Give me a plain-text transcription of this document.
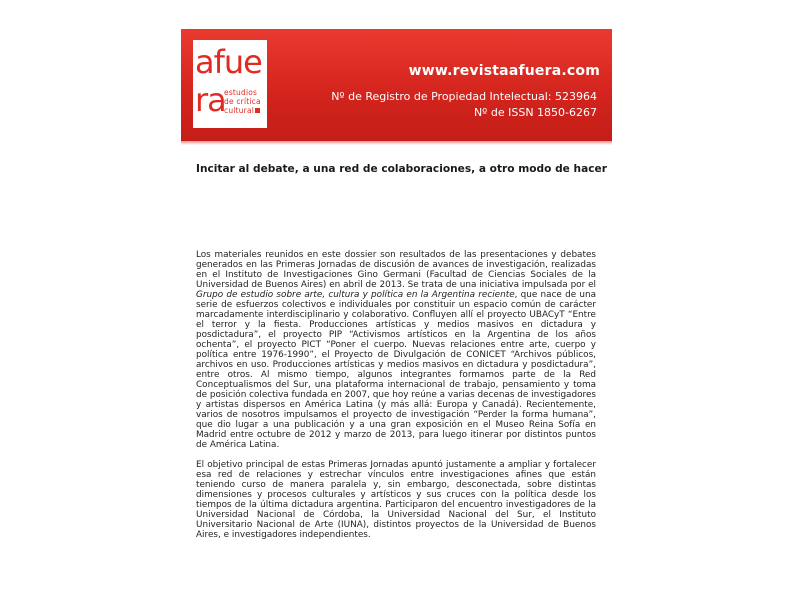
afue
ra
estudios
de crítica
cultural
www.revistaafuera.com
Nº de Registro de Propiedad Intelectual: 523964
Nº de ISSN 1850-6267
Incitar al debate, a una red de colaboraciones, a otro modo de hacer

Los materiales reunidos en este dossier son resultados de las presentaciones y debates generados en las Primeras Jornadas de discusión de avances de investigación, realizadas en el Instituto de Investigaciones Gino Germani (Facultad de Ciencias Sociales de la Universidad de Buenos Aires) en abril de 2013. Se trata de una iniciativa impulsada por el Grupo de estudio sobre arte, cultura y política en la Argentina reciente, que nace de una serie de esfuerzos colectivos e individuales por constituir un espacio común de carácter marcadamente interdisciplinario y colaborativo. Confluyen allí el proyecto UBACyT “Entre el terror y la fiesta. Producciones artísticas y medios masivos en dictadura y posdictadura”, el proyecto PIP “Activismos artísticos en la Argentina de los años ochenta”, el proyecto PICT “Poner el cuerpo. Nuevas relaciones entre arte, cuerpo y política entre 1976-1990”, el Proyecto de Divulgación de CONICET “Archivos públicos, archivos en uso. Producciones artísticas y medios masivos en dictadura y posdictadura”, entre otros. Al mismo tiempo, algunos integrantes formamos parte de la Red Conceptualismos del Sur, una plataforma internacional de trabajo, pensamiento y toma de posición colectiva fundada en 2007, que hoy reúne a varias decenas de investigadores y artistas dispersos en América Latina (y más allá: Europa y Canadá). Recientemente, varios de nosotros impulsamos el proyecto de investigación “Perder la forma humana”, que dio lugar a una publicación y a una gran exposición en el Museo Reina Sofía en Madrid entre octubre de 2012 y marzo de 2013, para luego itinerar por distintos puntos de América Latina.

El objetivo principal de estas Primeras Jornadas apuntó justamente a ampliar y fortalecer esa red de relaciones y estrechar vínculos entre investigaciones afines que están teniendo curso de manera paralela y, sin embargo, desconectada, sobre distintas dimensiones y procesos culturales y artísticos y sus cruces con la política desde los tiempos de la última dictadura argentina. Participaron del encuentro investigadores de la Universidad Nacional de Córdoba, la Universidad Nacional del Sur, el Instituto Universitario Nacional de Arte (IUNA), distintos proyectos de la Universidad de Buenos Aires, e investigadores independientes.
